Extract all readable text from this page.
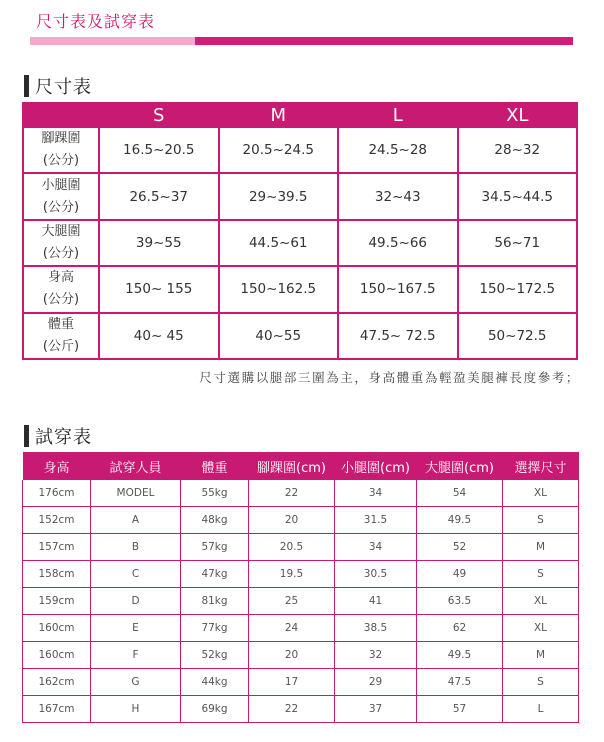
尺寸表及試穿表
尺寸表
	S	M	L	XL

腳踝圍
(公分)	16.5~20.5	20.5~24.5	24.5~28	28~32

小腿圍
(公分)	26.5~37	29~39.5	32~43	34.5~44.5

大腿圍
(公分)	39~55	44.5~61	49.5~66	56~71

身高
(公分)	150~ 155	150~162.5	150~167.5	150~172.5

體重
(公斤)	40~ 45	40~55	47.5~ 72.5	50~72.5
尺寸選購以腿部三圍為主，身高體重為輕盈美腿褲長度參考；
試穿表
身高	試穿人員	體重	腳踝圍(cm)	小腿圍(cm)	大腿圍(cm)	選擇尺寸
176cm	MODEL	55kg	22	34	54	XL
152cm	A	48kg	20	31.5	49.5	S
157cm	B	57kg	20.5	34	52	M
158cm	C	47kg	19.5	30.5	49	S
159cm	D	81kg	25	41	63.5	XL
160cm	E	77kg	24	38.5	62	XL
160cm	F	52kg	20	32	49.5	M
162cm	G	44kg	17	29	47.5	S
167cm	H	69kg	22	37	57	L
